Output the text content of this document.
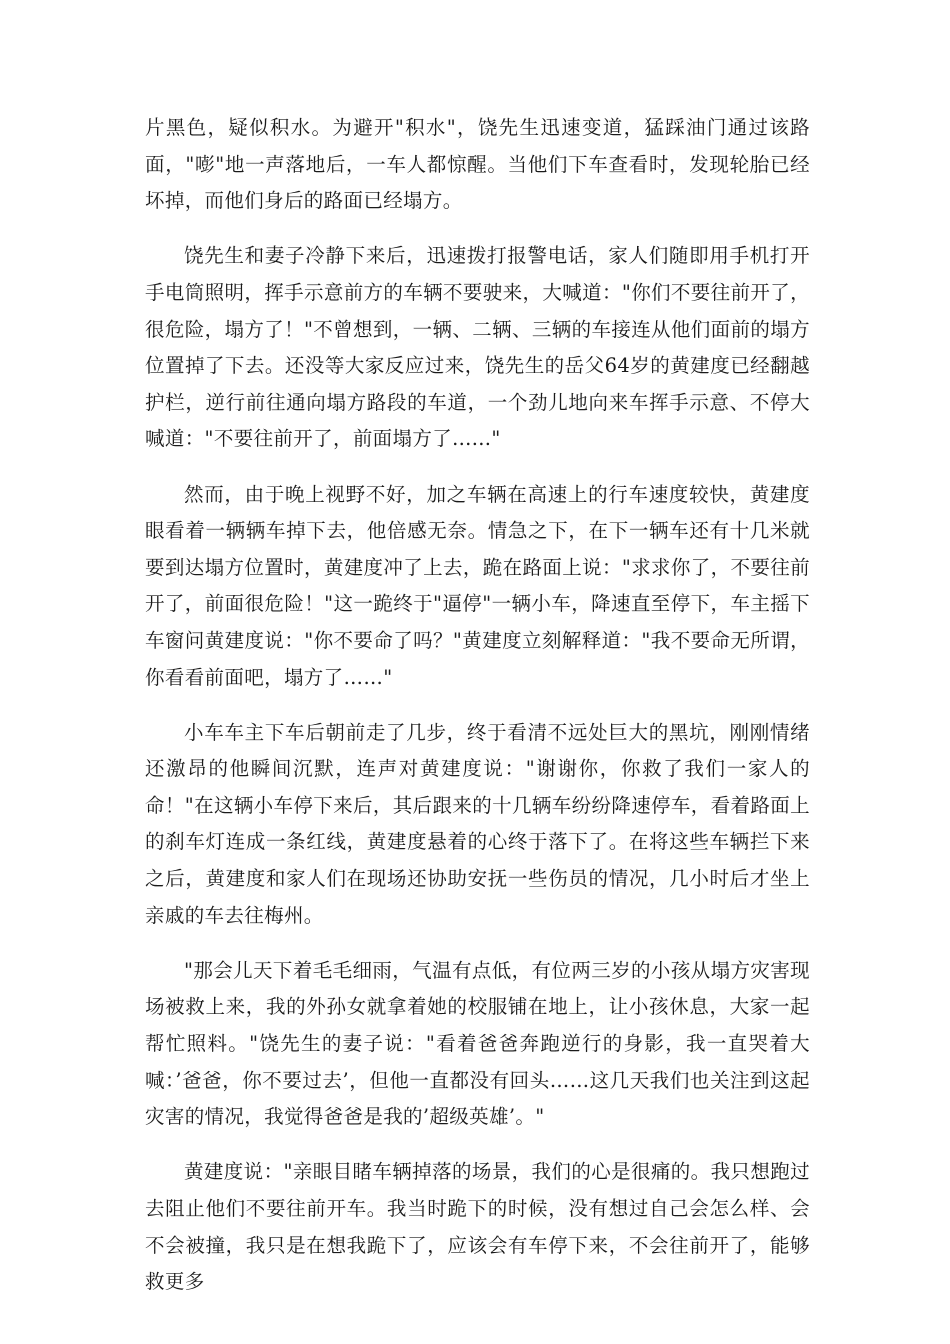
片黑色，疑似积水。为避开"积水"，饶先生迅速变道，猛踩油门通过该路面，"嘭"地一声落地后，一车人都惊醒。当他们下车查看时，发现轮胎已经坏掉，而他们身后的路面已经塌方。

饶先生和妻子冷静下来后，迅速拨打报警电话，家人们随即用手机打开手电筒照明，挥手示意前方的车辆不要驶来，大喊道："你们不要往前开了，很危险，塌方了！"不曾想到，一辆、二辆、三辆的车接连从他们面前的塌方位置掉了下去。还没等大家反应过来，饶先生的岳父64岁的黄建度已经翻越护栏，逆行前往通向塌方路段的车道，一个劲儿地向来车挥手示意、不停大喊道："不要往前开了，前面塌方了......"

然而，由于晚上视野不好，加之车辆在高速上的行车速度较快，黄建度眼看着一辆辆车掉下去，他倍感无奈。情急之下，在下一辆车还有十几米就要到达塌方位置时，黄建度冲了上去，跪在路面上说："求求你了，不要往前开了，前面很危险！"这一跪终于"逼停"一辆小车，降速直至停下，车主摇下车窗问黄建度说："你不要命了吗？"黄建度立刻解释道："我不要命无所谓，你看看前面吧，塌方了……"

小车车主下车后朝前走了几步，终于看清不远处巨大的黑坑，刚刚情绪还激昂的他瞬间沉默，连声对黄建度说："谢谢你，你救了我们一家人的命！"在这辆小车停下来后，其后跟来的十几辆车纷纷降速停车，看着路面上的刹车灯连成一条红线，黄建度悬着的心终于落下了。在将这些车辆拦下来之后，黄建度和家人们在现场还协助安抚一些伤员的情况，几小时后才坐上亲戚的车去往梅州。

"那会儿天下着毛毛细雨，气温有点低，有位两三岁的小孩从塌方灾害现场被救上来，我的外孙女就拿着她的校服铺在地上，让小孩休息，大家一起帮忙照料。"饶先生的妻子说："看着爸爸奔跑逆行的身影，我一直哭着大喊：’爸爸，你不要过去’，但他一直都没有回头……这几天我们也关注到这起灾害的情况，我觉得爸爸是我的’超级英雄’。"

黄建度说："亲眼目睹车辆掉落的场景，我们的心是很痛的。我只想跑过去阻止他们不要往前开车。我当时跪下的时候，没有想过自己会怎么样、会不会被撞，我只是在想我跪下了，应该会有车停下来，不会往前开了，能够救更多
